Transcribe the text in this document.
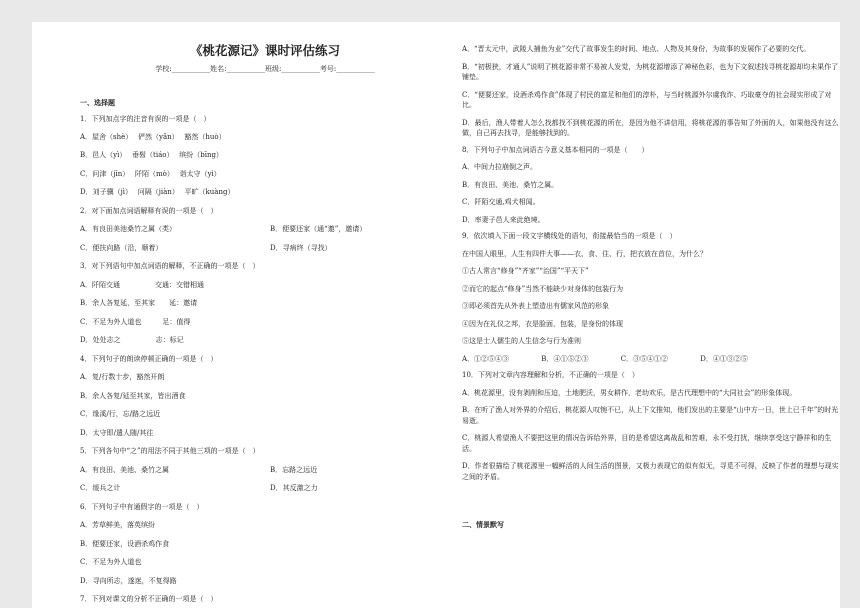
《桃花源记》课时评估练习
学校:___________姓名:___________班级:___________考号:___________
一、选择题
1．下列加点字的注音有误的一项是（　）
A．屋舍（shè）　 俨然（yǎn）　 豁然（huò）
B．邑人（yì）　 垂髫（tiáo）　 缤纷（bīng）
C．问津（jīn）　 阡陌（mò）　 诣太守（yì）
D．刘子骥（jì）　 问隔（jiàn）　 平旷（kuàng）
2．对下面加点词语解释有误的一项是（　）
A．有良田美池桑竹之属（类）	B．便要还家（通“邀”，邀请）
C．便扶向路（沿，顺着）	D．寻病终（寻找）
3．对下列语句中加点词语的解释，不正确的一项是（　）
A．阡陌交通　　　　　交通：交错相通
B．余人各复延，至其家　　延：邀请
C．不足为外人道也　　　足：值得
D．处处志之　　　　　志：标记
4．下列句子的朗读停顿正确的一项是（　）
A．复/行数十步，豁然开朗
B．余人各复/延至其家，皆出酒食
C．缘溪/行，忘/路之远近
D．太守即/遣人随/其往
5．下列各句中“之”的用法不同于其他三项的一项是（　）
A．有良田、美池、桑竹之属	B．忘路之远近
C．缓兵之计	D．其反激之力
6．下列句子中有通假字的一项是（　）
A．芳草鲜美，落英缤纷
B．便要还家，设酒杀鸡作食
C．不足为外人道也
D．寻向所志，遂迷，不复得路
7．下列对课文的分析不正确的一项是（　）
A．“晋太元中，武陵人捕鱼为业”交代了故事发生的时间、地点、人物及其身份，为故事的发展作了必要的交代。
B．“初极狭，才通人”说明了桃花源非常不易被人发觉，为桃花源增添了神秘色彩，也为下文叙述找寻桃花源却均未果作了铺垫。
C．“便要还家，设酒杀鸡作食”体现了村民的富足和他们的淳朴，与当时桃源外尔虞我诈、巧取豪夺的社会现实形成了对比。
D．最后，渔人带着人怎么找都找不到桃花源的所在，是因为他不讲信用，将桃花源的事告知了外面的人，如果他没有这么做，自己再去找寻，是能够找到的。
8．下列句子中加点词语古今意义基本相同的一项是（　　）
A．中间力拉崩倒之声。
B．有良田、美池、桑竹之属。
C．阡陌交通,鸡犬相闻。
D．率妻子邑人来此绝境。
9．依次填入下面一段文字横线处的语句，衔接最恰当的一项是（　）
在中国人眼里，人生有四件大事——衣、食、住、行，把衣放在首位，为什么？
①古人常言“修身”“齐家”“治国”“平天下”
②而它的起点“修身”当然不能缺少对身体的包装行为
③即必须首先从外表上塑造出有儒家风范的形象
④因为在礼仪之邦，衣是脸面，包装，是身份的体现
⑤这是士人儒生的人生信念与行为准则
A．①②⑤④③	B．④①⑤②③	C．③⑤④①②	D．④①③②⑤
10．下列对文章内容理解和分析，不正确的一项是（　）
A．桃花源里，没有剥削和压迫，土地肥沃，男女耕作，老幼欢乐，是古代理想中的“大同社会”的形象体现。
B．在听了渔人对外界的介绍后，桃花源人叹惋不已，从上下文推知，他们发出的主要是“山中方一日，世上已千年”的时光易逝。
C．桃源人希望渔人不要把这里的情况告诉给外界，目的是希望这离战乱和苦难，永不受打扰，继续享受这宁静祥和的生活。
D．作者很描绘了桃花源里一幅鲜活的人间生活的图景，又极力表现它的似有似无，寻觅不可得，反映了作者的理想与现实之间的矛盾。
二、情景默写
